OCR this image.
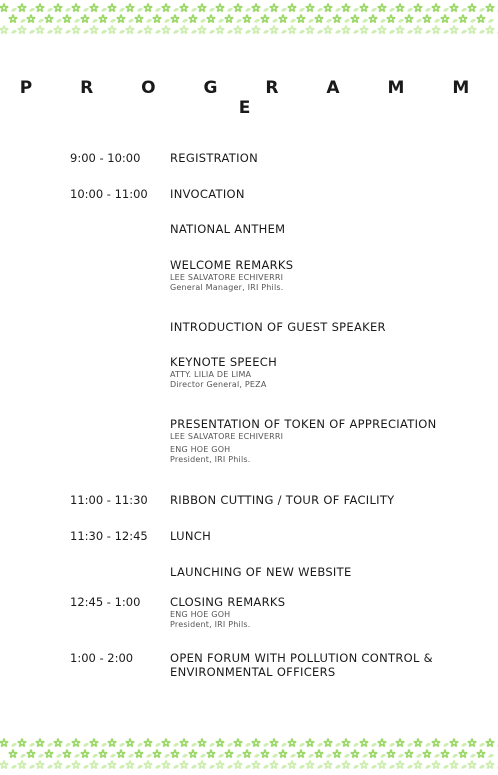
P R O G R A M M E
9:00 - 10:00	REGISTRATION
10:00 - 11:00	INVOCATION
NATIONAL ANTHEM
WELCOME REMARKS
LEE SALVATORE ECHIVERRI
General Manager, IRI Phils.
INTRODUCTION OF GUEST SPEAKER
KEYNOTE SPEECH
ATTY. LILIA DE LIMA
Director General, PEZA
PRESENTATION OF TOKEN OF APPRECIATION
LEE SALVATORE ECHIVERRI
ENG HOE GOH
President, IRI Phils.
11:00 - 11:30	RIBBON CUTTING / TOUR OF FACILITY
11:30 - 12:45	LUNCH
LAUNCHING OF NEW WEBSITE
12:45 - 1:00	CLOSING REMARKS
ENG HOE GOH
President, IRI Phils.
1:00 - 2:00	OPEN FORUM WITH POLLUTION CONTROL & ENVIRONMENTAL OFFICERS
